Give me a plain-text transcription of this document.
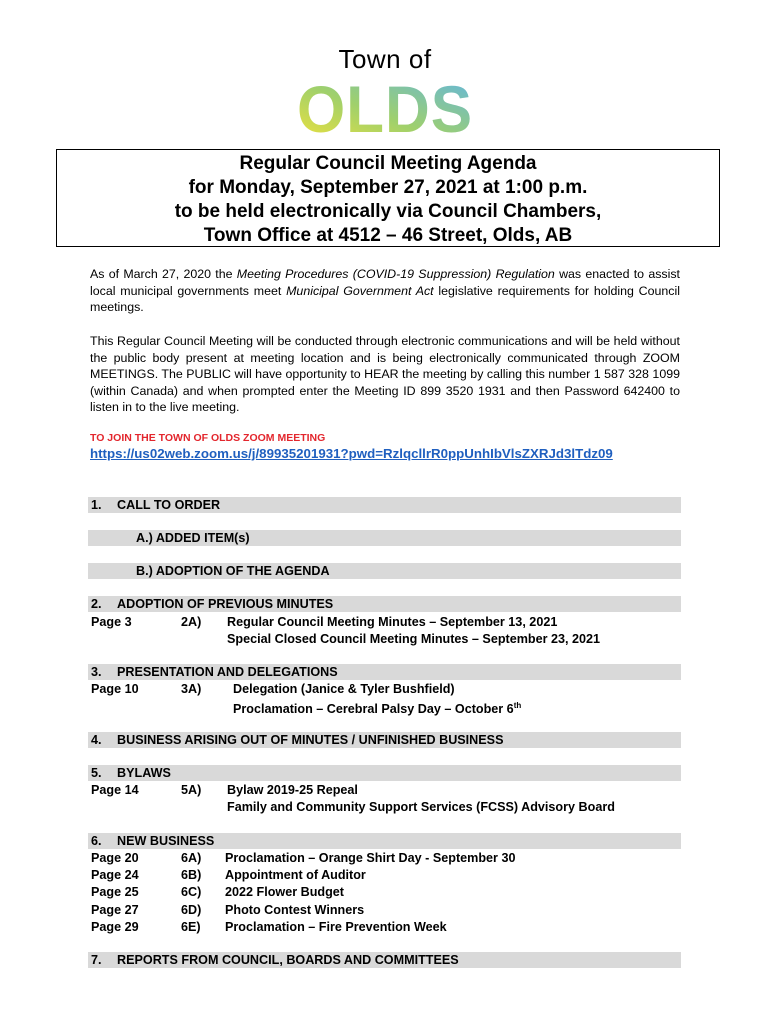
Town of
OLDS
Regular Council Meeting Agenda
for Monday, September 27, 2021 at 1:00 p.m.
to be held electronically via Council Chambers,
Town Office at 4512 – 46 Street, Olds, AB
As of March 27, 2020 the Meeting Procedures (COVID-19 Suppression) Regulation was enacted to assist local municipal governments meet Municipal Government Act legislative requirements for holding Council meetings.
This Regular Council Meeting will be conducted through electronic communications and will be held without the public body present at meeting location and is being electronically communicated through ZOOM MEETINGS. The PUBLIC will have opportunity to HEAR the meeting by calling this number 1 587 328 1099 (within Canada) and when prompted enter the Meeting ID 899 3520 1931 and then Password 642400 to listen in to the live meeting.
TO JOIN THE TOWN OF OLDS ZOOM MEETING
https://us02web.zoom.us/j/89935201931?pwd=RzlqcllrR0ppUnhIbVlsZXRJd3lTdz09
1. CALL TO ORDER
A.) ADDED ITEM(s)
B.) ADOPTION OF THE AGENDA
2. ADOPTION OF PREVIOUS MINUTES
Page 3	2A) Regular Council Meeting Minutes – September 13, 2021
Special Closed Council Meeting Minutes – September 23, 2021
3. PRESENTATION AND DELEGATIONS
Page 10	3A)	Delegation (Janice & Tyler Bushfield)
Proclamation – Cerebral Palsy Day – October 6th
4. BUSINESS ARISING OUT OF MINUTES / UNFINISHED BUSINESS
5. BYLAWS
Page 14	5A) Bylaw 2019-25 Repeal
Family and Community Support Services (FCSS) Advisory Board
6. NEW BUSINESS
Page 20	6A) Proclamation – Orange Shirt Day - September 30
Page 24	6B) Appointment of Auditor
Page 25	6C) 2022 Flower Budget
Page 27	6D) Photo Contest Winners
Page 29	6E) Proclamation – Fire Prevention Week
7. REPORTS FROM COUNCIL, BOARDS AND COMMITTEES
